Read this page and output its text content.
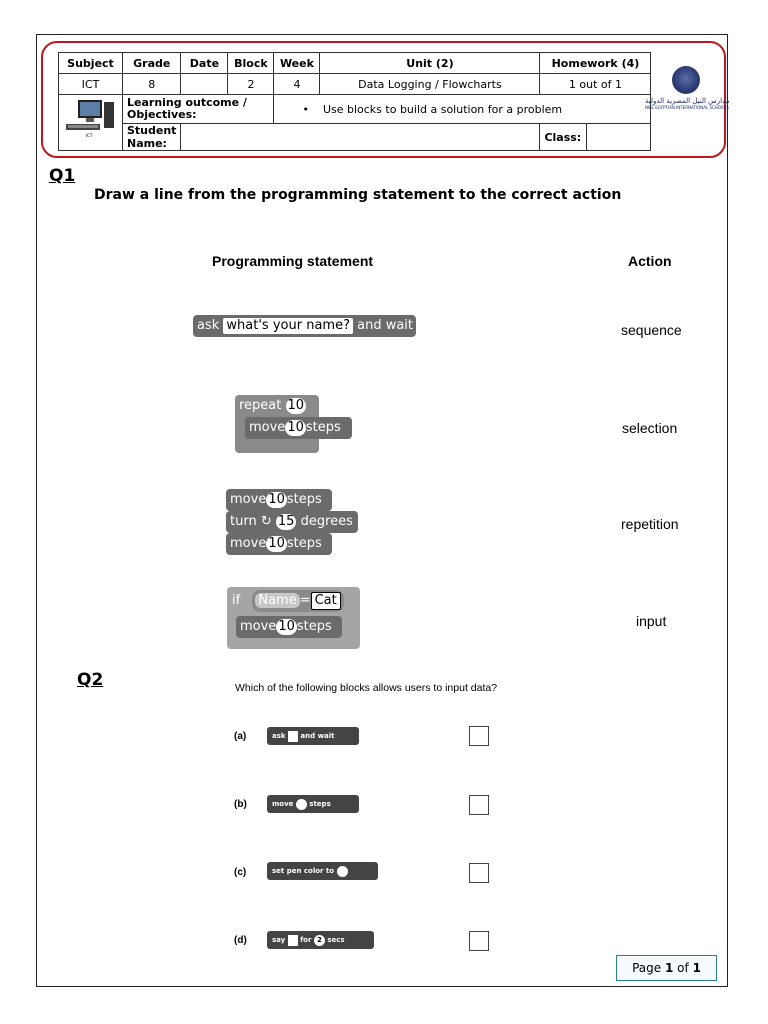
Subject	Grade	Date	Block	Week	Unit (2)	Homework (4)	
ICT	8		2	4	Data Logging / Flowcharts	1 out of 1	
	Learning outcome / Objectives:			• Use blocks to build a solution for a problem			
	Student Name:					Class:	
ICT
مدارس النيل المصرية الدولية
NILE EGYPTIAN INTERNATIONAL SCHOOLS
Q1
Draw a line from the programming statement to the correct action
Programming statement	Action
sequence
selection
repetition
input
ask what's your name? and wait
repeat 10
move 10 steps
move 10 steps
turn ↻ 15 degrees
move 10 steps
if Name = Cat
move 10 steps
Q2	Which of the following blocks allows users to input data?
(a)	ask and wait
(b)	move steps
(c)	set pen color to
(d)	say for 2 secs
Page 1 of 1
